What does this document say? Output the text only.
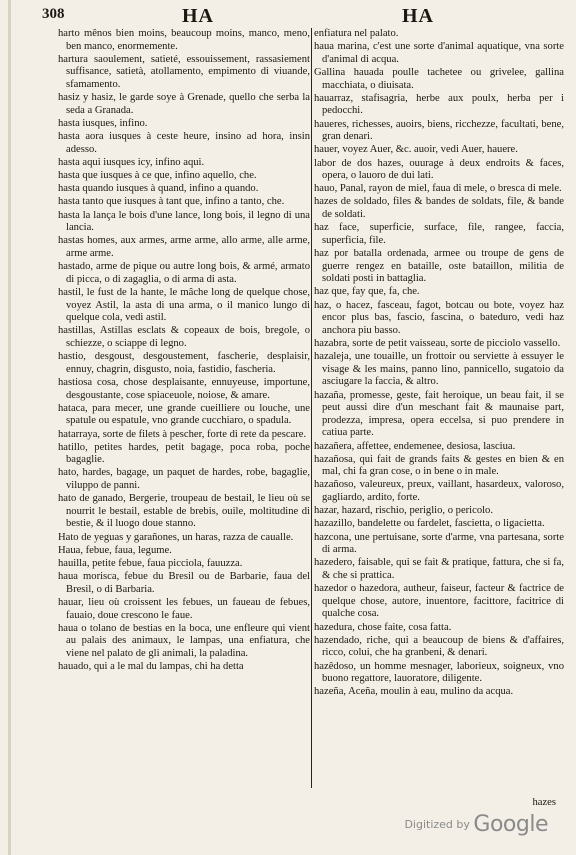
308	HA	HA

harto mênos bien moins, beaucoup moins, manco, meno, ben manco, enormemente.

hartura saoulement, satieté, essouissement, rassasiement suffisance, satietà, atollamento, empimento di viuande, sfamamento.

hasiz y hasiz, le garde soye à Grenade, quello che serba la seda a Granada.

hasta iusques, infino.

hasta aora iusques à ceste heure, insino ad hora, insin adesso.

hasta aqui iusques icy, infino aqui.

hasta que iusques à ce que, infino aquello, che.

hasta quando iusques à quand, infino a quando.

hasta tanto que iusques à tant que, infino a tanto, che.

hasta la lança le bois d'une lance, long bois, il legno di una lancia.

hastas homes, aux armes, arme arme, allo arme, alle arme, arme arme.

hastado, arme de pique ou autre long bois, & armé, armato di picca, o di zagaglia, o di arma di asta.

hastil, le fust de la hante, le mâche long de quelque chose, voyez Astil, la asta di una arma, o il manico lungo di quelque cola, vedi astil.

hastillas, Astillas esclats & copeaux de bois, bregole, o schiezze, o sciappe di legno.

hastio, desgoust, desgoustement, fascherie, desplaisir, ennuy, chagrin, disgusto, noia, fastidio, fascheria.

hastiosa cosa, chose desplaisante, ennuyeuse, importune, desgoustante, cose spiaceuole, noiose, & amare.

hataca, para mecer, une grande cueilliere ou louche, une spatule ou espatule, vno grande cucchiaro, o spadula.

hatarraya, sorte de filets à pescher, forte di rete da pescare.

hatillo, petites hardes, petit bagage, poca roba, poche bagaglie.

hato, hardes, bagage, un paquet de hardes, robe, bagaglie, viluppo de panni.

hato de ganado, Bergerie, troupeau de bestail, le lieu où se nourrit le bestail, estable de brebis, ouile, moltitudine di bestie, & il luogo doue stanno.

Hato de yeguas y garañones, un haras, razza de caualle.

Haua, febue, faua, legume.

hauilla, petite febue, faua picciola, fauuzza.

haua morisca, febue du Bresil ou de Barbarie, faua del Bresil, o di Barbaria.

hauar, lieu où croissent les febues, un faueau de febues, fauaio, doue crescono le faue.

haua o tolano de bestias en la boca, une enfleure qui vient au palais des animaux, le lampas, una enfiatura, che viene nel palato de gli animali, la paladina.

hauado, qui a le mal du lampas, chi ha detta

enfiatura nel palato.

haua marina, c'est une sorte d'animal aquatique, vna sorte d'animal di acqua.

Gallina hauada poulle tachetee ou grivelee, gallina macchiata, o diuisata.

hauarraz, stafisagria, herbe aux poulx, herba per i pedocchi.

haueres, richesses, auoirs, biens, ricchezze, facultati, bene, gran denari.

hauer, voyez Auer, &c. auoir, vedi Auer, hauere.

labor de dos hazes, ouurage à deux endroits & faces, opera, o lauoro de dui lati.

hauo, Panal, rayon de miel, faua di mele, o bresca di mele.

hazes de soldado, files & bandes de soldats, file, & bande de soldati.

haz face, superficie, surface, file, rangee, faccia, superficia, file.

haz por batalla ordenada, armee ou troupe de gens de guerre rengez en bataille, oste bataillon, militia de soldati posti in battaglia.

haz que, fay que, fa, che.

haz, o hacez, fasceau, fagot, botcau ou bote, voyez haz encor plus bas, fascio, fascina, o bateduro, vedi haz anchora piu basso.

hazabra, sorte de petit vaisseau, sorte de picciolo vassello.

hazaleja, une touaille, un frottoir ou serviette à essuyer le visage & les mains, panno lino, pannicello, sugatoio da asciugare la faccia, & altro.

hazaña, promesse, geste, fait heroique, un beau fait, il se peut aussi dire d'un meschant fait & maunaise part, prodezza, impresa, opera eccelsa, si puo prendere in catiua parte.

hazañera, affettee, endemenee, desiosa, lasciua.

hazañosa, qui fait de grands faits & gestes en bien & en mal, chi fa gran cose, o in bene o in male.

hazañoso, valeureux, preux, vaillant, hasardeux, valoroso, gagliardo, ardito, forte.

hazar, hazard, rischio, periglio, o pericolo.

hazazillo, bandelette ou fardelet, fascietta, o ligacietta.

hazcona, une pertuisane, sorte d'arme, vna partesana, sorte di arma.

hazedero, faisable, qui se fait & pratique, fattura, che si fa, & che si prattica.

hazedor o hazedora, autheur, faiseur, facteur & factrice de quelque chose, autore, inuentore, facittore, facitrice di qualche cosa.

hazedura, chose faite, cosa fatta.

hazendado, riche, qui a beaucoup de biens & d'affaires, ricco, colui, che ha granbeni, & denari.

hazêdoso, un homme mesnager, laborieux, soigneux, vno buono regattore, lauoratore, diligente.

hazeña, Aceña, moulin à eau, mulino da acqua.

hazes
Digitized by Google
